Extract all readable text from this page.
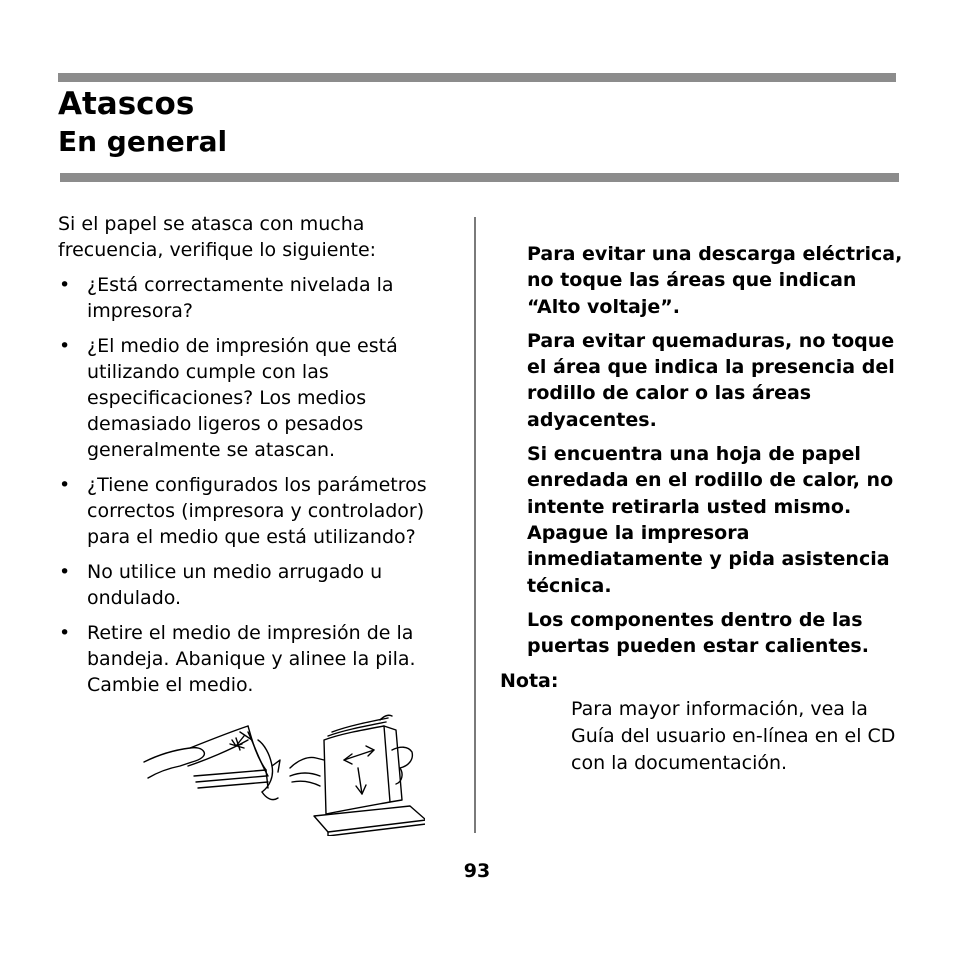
Atascos
En general

Si el papel se atasca con mucha frecuencia, verifique lo siguiente:

• ¿Está correctamente nivelada la impresora?
• ¿El medio de impresión que está utilizando cumple con las especificaciones? Los medios demasiado ligeros o pesados generalmente se atascan.
• ¿Tiene configurados los parámetros correctos (impresora y controlador) para el medio que está utilizando?
• No utilice un medio arrugado u ondulado.
• Retire el medio de impresión de la bandeja. Abanique y alinee la pila. Cambie el medio.

Para evitar una descarga eléctrica, no toque las áreas que indican “Alto voltaje”.

Para evitar quemaduras, no toque el área que indica la presencia del rodillo de calor o las áreas adyacentes.

Si encuentra una hoja de papel enredada en el rodillo de calor, no intente retirarla usted mismo. Apague la impresora inmediatamente y pida asistencia técnica.

Los componentes dentro de las puertas pueden estar calientes.

Nota:
Para mayor información, vea la Guía del usuario en-línea en el CD con la documentación.
93
